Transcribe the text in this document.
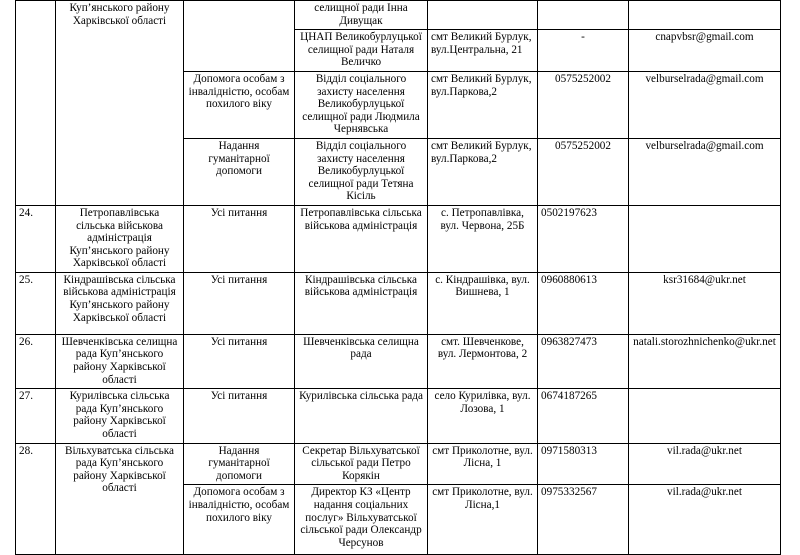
	Куп’янського району Харківської області		селищної ради Інна Дивущак			
			ЦНАП Великобурлуцької селищної ради Наталя Величко	смт Великий Бурлук, вул.Центральна, 21	-	cnapvbsr@gmail.com
		Допомога особам з інвалідністю, особам похилого віку	Відділ соціального захисту населення Великобурлуцької селищної ради Людмила Чернявська	смт Великий Бурлук, вул.Паркова,2	0575252002	velburselrada@gmail.com
		Надання гуманітарної допомоги	Відділ соціального захисту населення Великобурлуцької селищної ради Тетяна Кісіль	смт Великий Бурлук, вул.Паркова,2	0575252002	velburselrada@gmail.com
24.	Петропавлівська сільська військова адміністрація Куп’янського району Харківської області	Усі питання	Петропавлівська сільська військова адміністрація	с. Петропавлівка, вул. Червона, 25Б	0502197623	
25.	Кіндрашівська сільська військова адміністрація Куп’янського району Харківської області	Усі питання	Кіндрашівська сільська військова адміністрація	с. Кіндрашівка, вул. Вишнева, 1	0960880613	ksr31684@ukr.net
26.	Шевченківська селищна рада Куп’янського району Харківської області	Усі питання	Шевченківська селищна рада	смт. Шевченкове, вул. Лермонтова, 2	0963827473	natali.storozhnichenko@ukr.net
27.	Курилівська сільська рада Куп’янського району Харківської області	Усі питання	Курилівська сільська рада	село Курилівка, вул. Лозова, 1	0674187265	
28.	Вільхуватська сільська рада Куп’янського району Харківської області	Надання гуманітарної допомоги	Секретар Вільхуватської сільської ради Петро Корякін	смт Приколотне, вул. Лісна, 1	0971580313	vil.rada@ukr.net
		Допомога особам з інвалідністю, особам похилого віку	Директор КЗ «Центр надання соціальних послуг» Вільхуватської сільської ради Олександр Черсунов	смт Приколотне, вул. Лісна,1	0975332567	vil.rada@ukr.net
